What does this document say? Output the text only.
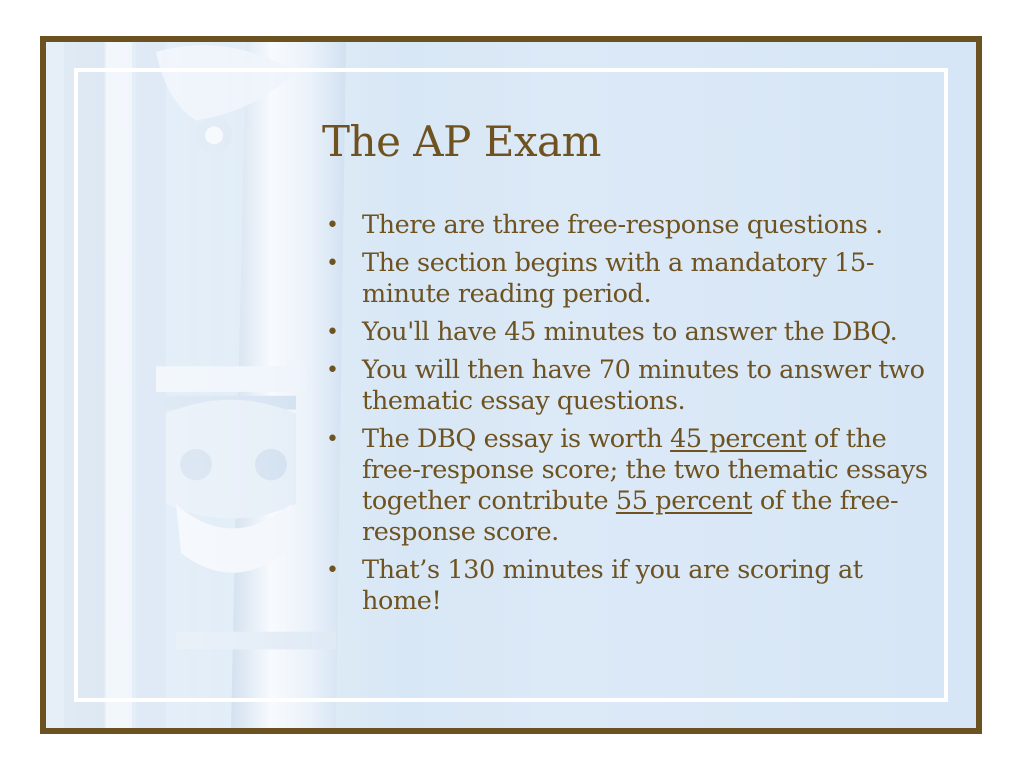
The AP Exam
• There are three free-response questions .
• The section begins with a mandatory 15-minute reading period.
• You'll have 45 minutes to answer the DBQ.
• You will then have 70 minutes to answer two thematic essay questions.
• The DBQ essay is worth 45 percent of the free-response score; the two thematic essays together contribute 55 percent of the free-response score.
• That’s 130 minutes if you are scoring at home!
